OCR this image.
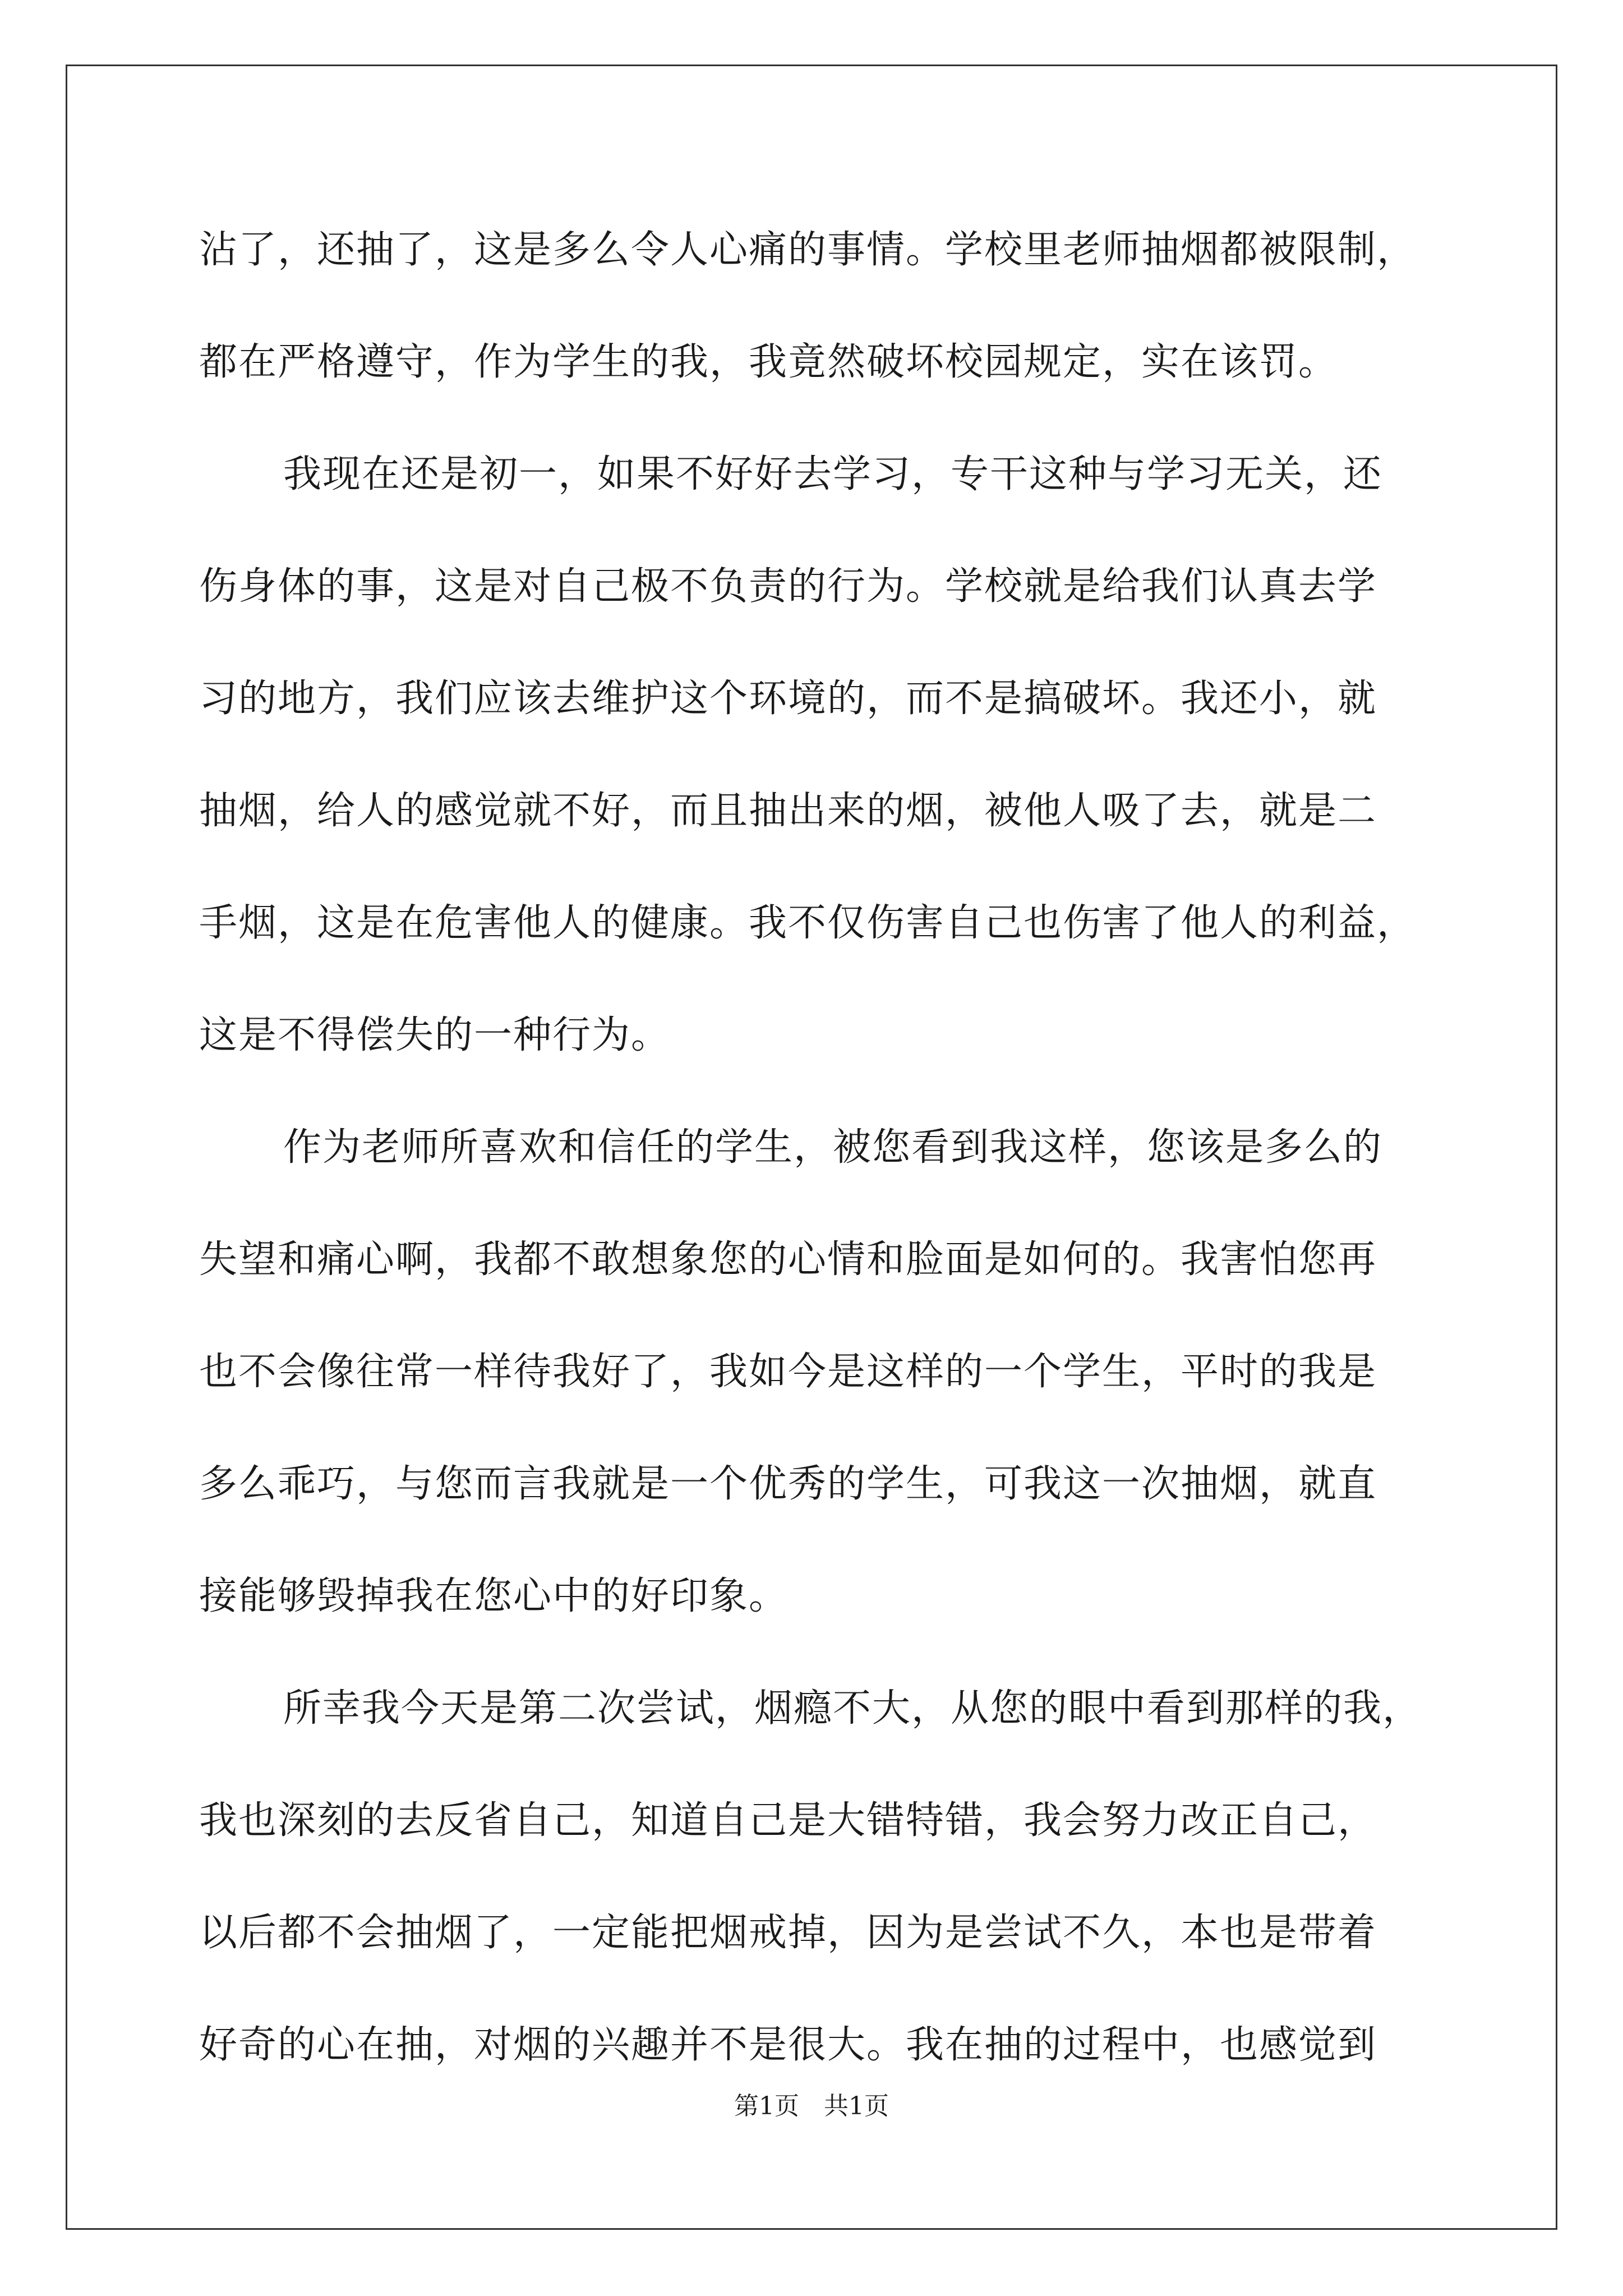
沾了，还抽了，这是多么令人心痛的事情。学校里老师抽烟都被限制，
都在严格遵守，作为学生的我，我竟然破坏校园规定，实在该罚。
我现在还是初一，如果不好好去学习，专干这种与学习无关，还
伤身体的事，这是对自己极不负责的行为。学校就是给我们认真去学
习的地方，我们应该去维护这个环境的，而不是搞破坏。我还小，就
抽烟，给人的感觉就不好，而且抽出来的烟，被他人吸了去，就是二
手烟，这是在危害他人的健康。我不仅伤害自己也伤害了他人的利益，
这是不得偿失的一种行为。
作为老师所喜欢和信任的学生，被您看到我这样，您该是多么的
失望和痛心啊，我都不敢想象您的心情和脸面是如何的。我害怕您再
也不会像往常一样待我好了，我如今是这样的一个学生，平时的我是
多么乖巧，与您而言我就是一个优秀的学生，可我这一次抽烟，就直
接能够毁掉我在您心中的好印象。
所幸我今天是第二次尝试，烟瘾不大，从您的眼中看到那样的我，
我也深刻的去反省自己，知道自己是大错特错，我会努力改正自己，
以后都不会抽烟了，一定能把烟戒掉，因为是尝试不久，本也是带着
好奇的心在抽，对烟的兴趣并不是很大。我在抽的过程中，也感觉到
第1页　共1页
